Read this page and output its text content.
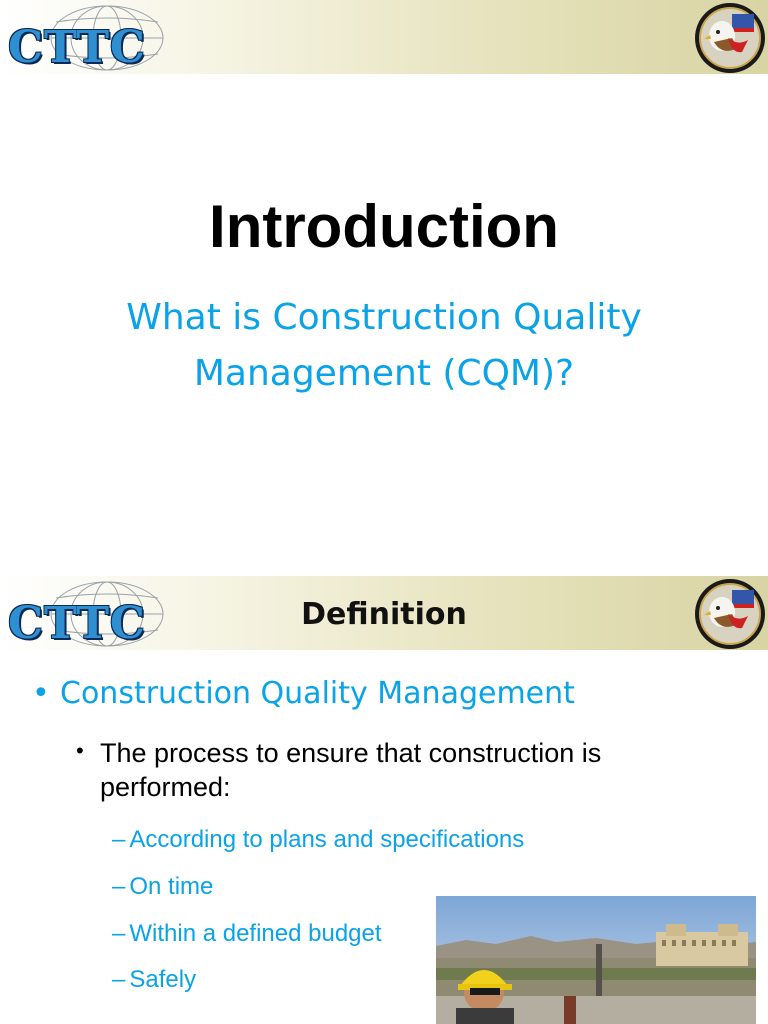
CTTC
Introduction
What is Construction Quality
Management (CQM)?
CTTC	Definition
• Construction Quality Management
• The process to ensure that construction is performed:
– According to plans and specifications
– On time
– Within a defined budget
– Safely
